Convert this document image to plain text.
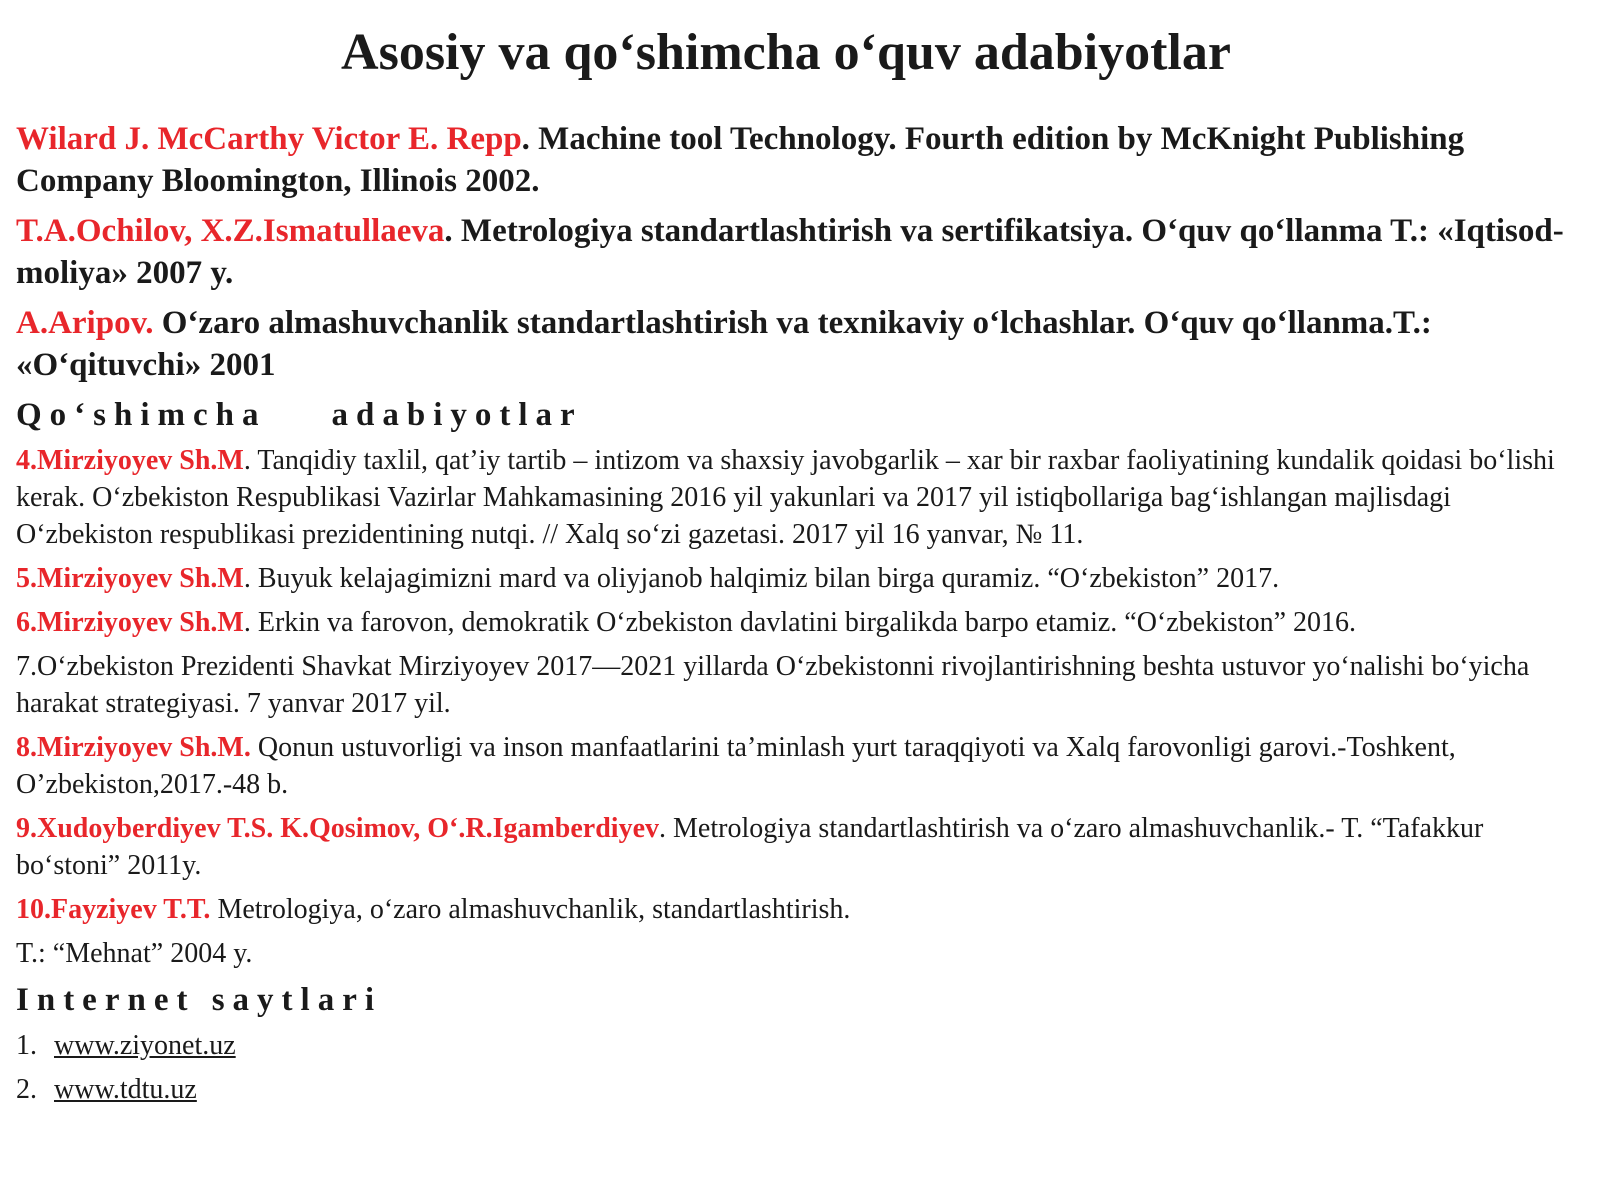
Asosiy va qo‘shimcha o‘quv adabiyotlar

Wilard J. McCarthy Victor E. Repp. Machine tool Technology. Fourth edition by McKnight Publishing Company Bloomington, Illinois 2002.

T.A.Ochilov, X.Z.Ismatullaeva. Metrologiya standartlashtirish va sertifikatsiya. O‘quv qo‘llanma T.: «Iqtisod-moliya» 2007 y.

A.Aripov. O‘zaro almashuvchanlik standartlashtirish va texnikaviy o‘lchashlar. O‘quv qo‘llanma.T.: «O‘qituvchi» 2001

Qo‘shimcha    adabiyotlar

4.Mirziyoyev Sh.M. Tanqidiy taxlil, qat’iy tartib – intizom va shaxsiy javobgarlik – xar bir raxbar faoliyatining kundalik qoidasi bo‘lishi kerak. O‘zbekiston Respublikasi Vazirlar Mahkamasining 2016 yil yakunlari va 2017 yil istiqbollariga bag‘ishlangan majlisdagi O‘zbekiston respublikasi prezidentining nutqi. // Xalq so‘zi gazetasi. 2017 yil 16 yanvar, № 11.

5.Mirziyoyev Sh.M. Buyuk kelajagimizni mard va oliyjanob halqimiz bilan birga quramiz. “O‘zbekiston” 2017.

6.Mirziyoyev Sh.M. Erkin va farovon, demokratik O‘zbekiston davlatini birgalikda barpo etamiz. “O‘zbekiston” 2016.

7.O‘zbekiston Prezidenti Shavkat Mirziyoyev 2017—2021 yillarda O‘zbekistonni rivojlantirishning beshta ustuvor yo‘nalishi bo‘yicha harakat strategiyasi. 7 yanvar 2017 yil.

8.Mirziyoyev Sh.M. Qonun ustuvorligi va inson manfaatlarini ta’minlash yurt taraqqiyoti va Xalq farovonligi garovi.-Toshkent, O’zbekiston,2017.-48 b.

9.Xudoyberdiyev T.S. K.Qosimov, O‘.R.Igamberdiyev. Metrologiya standartlashtirish va o‘zaro almashuvchanlik.- T. “Tafakkur bo‘stoni” 2011y.

10.Fayziyev T.T. Metrologiya, o‘zaro almashuvchanlik, standartlashtirish.

T.: “Mehnat” 2004 y.

Internet saytlari

1. www.ziyonet.uz

2. www.tdtu.uz
